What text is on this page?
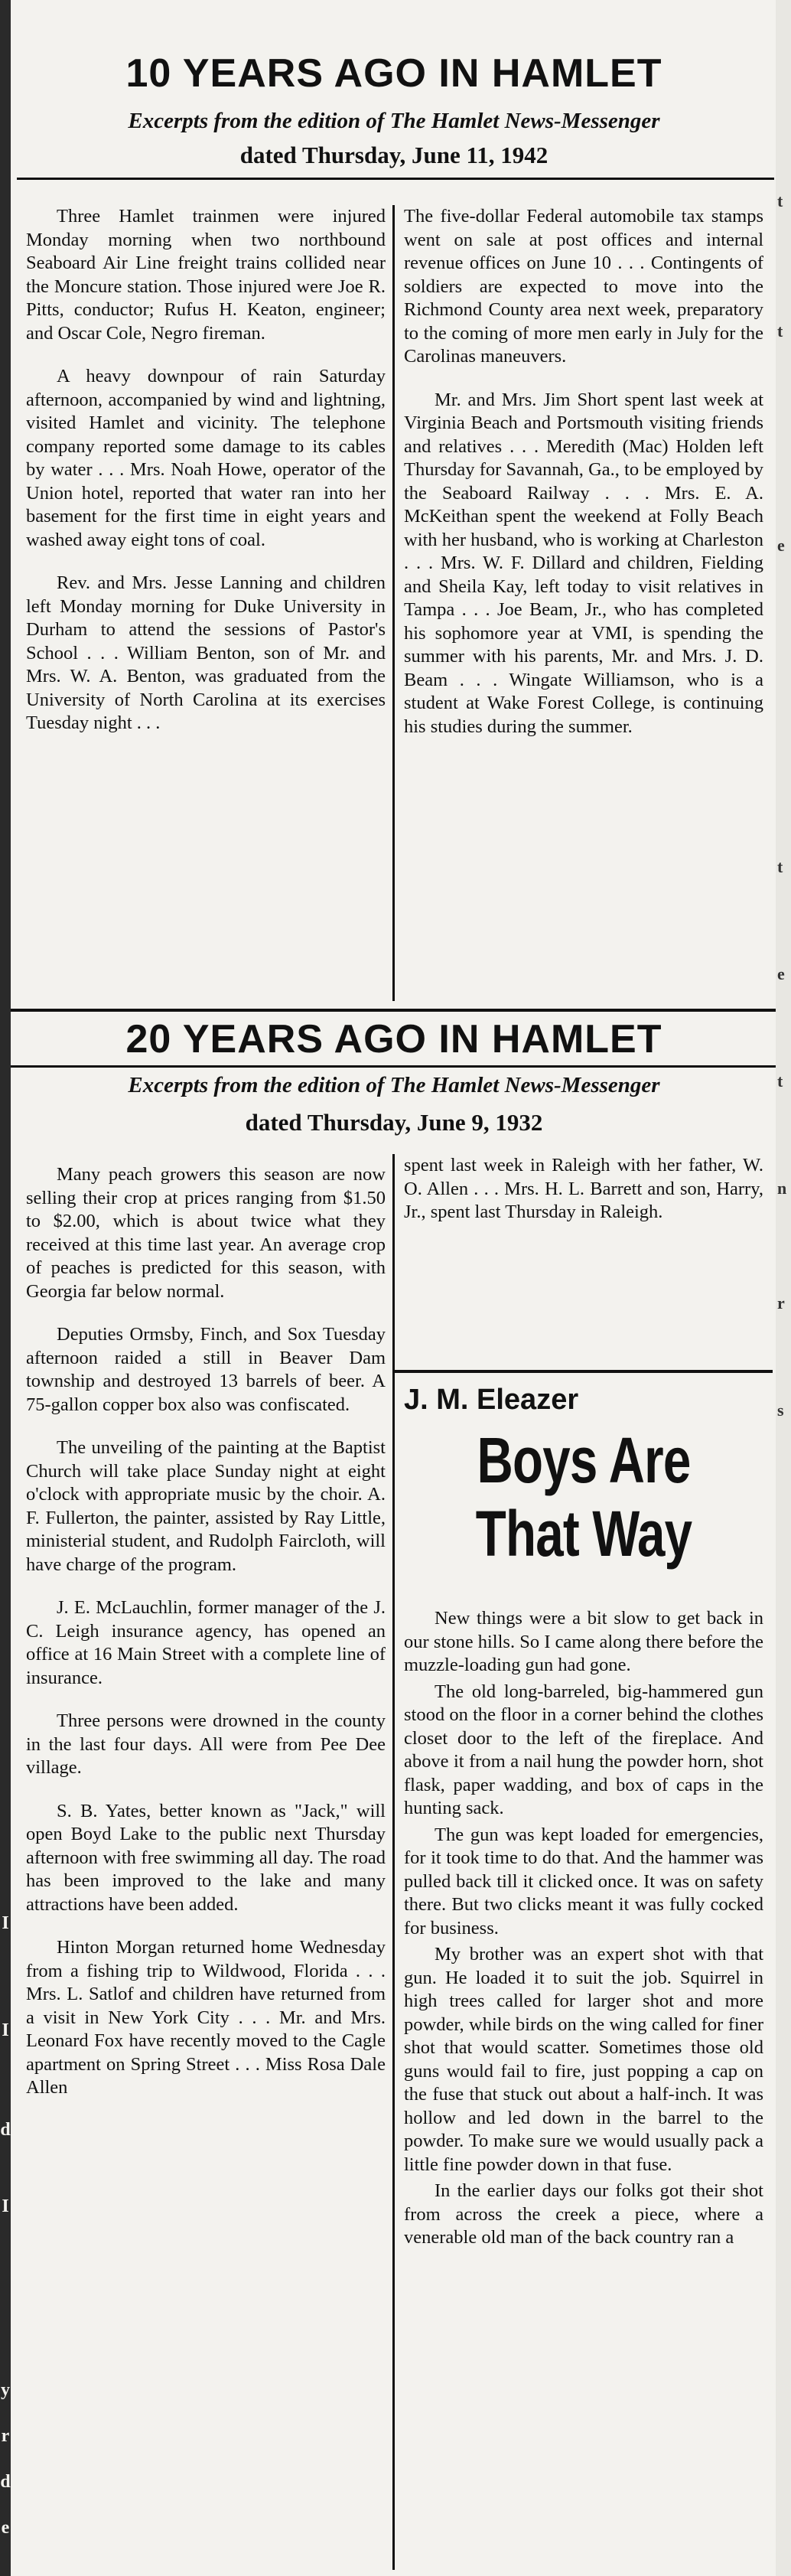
I
I
d
I
y
r
d
e
t
t
e
t
e
t
n
r
s
10 YEARS AGO IN HAMLET

Excerpts from the edition of The Hamlet News-Messenger

dated Thursday, June 11, 1942

Three Hamlet trainmen were injured Monday morning when two northbound Seaboard Air Line freight trains collided near the Moncure station. Those injured were Joe R. Pitts, conductor; Rufus H. Keaton, engineer; and Oscar Cole, Negro fireman.

A heavy downpour of rain Saturday afternoon, accompanied by wind and lightning, visited Hamlet and vicinity. The telephone company reported some damage to its cables by water . . . Mrs. Noah Howe, operator of the Union hotel, reported that water ran into her basement for the first time in eight years and washed away eight tons of coal.

Rev. and Mrs. Jesse Lanning and children left Monday morning for Duke University in Durham to attend the sessions of Pastor's School . . . William Benton, son of Mr. and Mrs. W. A. Benton, was graduated from the University of North Carolina at its exercises Tuesday night . . .

The five-dollar Federal automobile tax stamps went on sale at post offices and internal revenue offices on June 10 . . . Contingents of soldiers are expected to move into the Richmond County area next week, preparatory to the coming of more men early in July for the Carolinas maneuvers.

Mr. and Mrs. Jim Short spent last week at Virginia Beach and Portsmouth visiting friends and relatives . . . Meredith (Mac) Holden left Thursday for Savannah, Ga., to be employed by the Seaboard Railway . . . Mrs. E. A. McKeithan spent the weekend at Folly Beach with her husband, who is working at Charleston . . . Mrs. W. F. Dillard and children, Fielding and Sheila Kay, left today to visit relatives in Tampa . . . Joe Beam, Jr., who has completed his sophomore year at VMI, is spending the summer with his parents, Mr. and Mrs. J. D. Beam . . . Wingate Williamson, who is a student at Wake Forest College, is continuing his studies during the summer.

20 YEARS AGO IN HAMLET

Excerpts from the edition of The Hamlet News-Messenger

dated Thursday, June 9, 1932

Many peach growers this season are now selling their crop at prices ranging from $1.50 to $2.00, which is about twice what they received at this time last year. An average crop of peaches is predicted for this season, with Georgia far below normal.

Deputies Ormsby, Finch, and Sox Tuesday afternoon raided a still in Beaver Dam township and destroyed 13 barrels of beer. A 75-gallon copper box also was confiscated.

The unveiling of the painting at the Baptist Church will take place Sunday night at eight o'clock with appropriate music by the choir. A. F. Fullerton, the painter, assisted by Ray Little, ministerial student, and Rudolph Faircloth, will have charge of the program.

J. E. McLauchlin, former manager of the J. C. Leigh insurance agency, has opened an office at 16 Main Street with a complete line of insurance.

Three persons were drowned in the county in the last four days. All were from Pee Dee village.

S. B. Yates, better known as "Jack," will open Boyd Lake to the public next Thursday afternoon with free swimming all day. The road has been improved to the lake and many attractions have been added.

Hinton Morgan returned home Wednesday from a fishing trip to Wildwood, Florida . . . Mrs. L. Satlof and children have returned from a visit in New York City . . . Mr. and Mrs. Leonard Fox have recently moved to the Cagle apartment on Spring Street . . . Miss Rosa Dale Allen

spent last week in Raleigh with her father, W. O. Allen . . . Mrs. H. L. Barrett and son, Harry, Jr., spent last Thursday in Raleigh.

J. M. Eleazer

Boys Are
That Way

New things were a bit slow to get back in our stone hills. So I came along there before the muzzle-loading gun had gone.

The old long-barreled, big-hammered gun stood on the floor in a corner behind the clothes closet door to the left of the fireplace. And above it from a nail hung the powder horn, shot flask, paper wadding, and box of caps in the hunting sack.

The gun was kept loaded for emergencies, for it took time to do that. And the hammer was pulled back till it clicked once. It was on safety there. But two clicks meant it was fully cocked for business.

My brother was an expert shot with that gun. He loaded it to suit the job. Squirrel in high trees called for larger shot and more powder, while birds on the wing called for finer shot that would scatter. Sometimes those old guns would fail to fire, just popping a cap on the fuse that stuck out about a half-inch. It was hollow and led down in the barrel to the powder. To make sure we would usually pack a little fine powder down in that fuse.

In the earlier days our folks got their shot from across the creek a piece, where a venerable old man of the back country ran a
